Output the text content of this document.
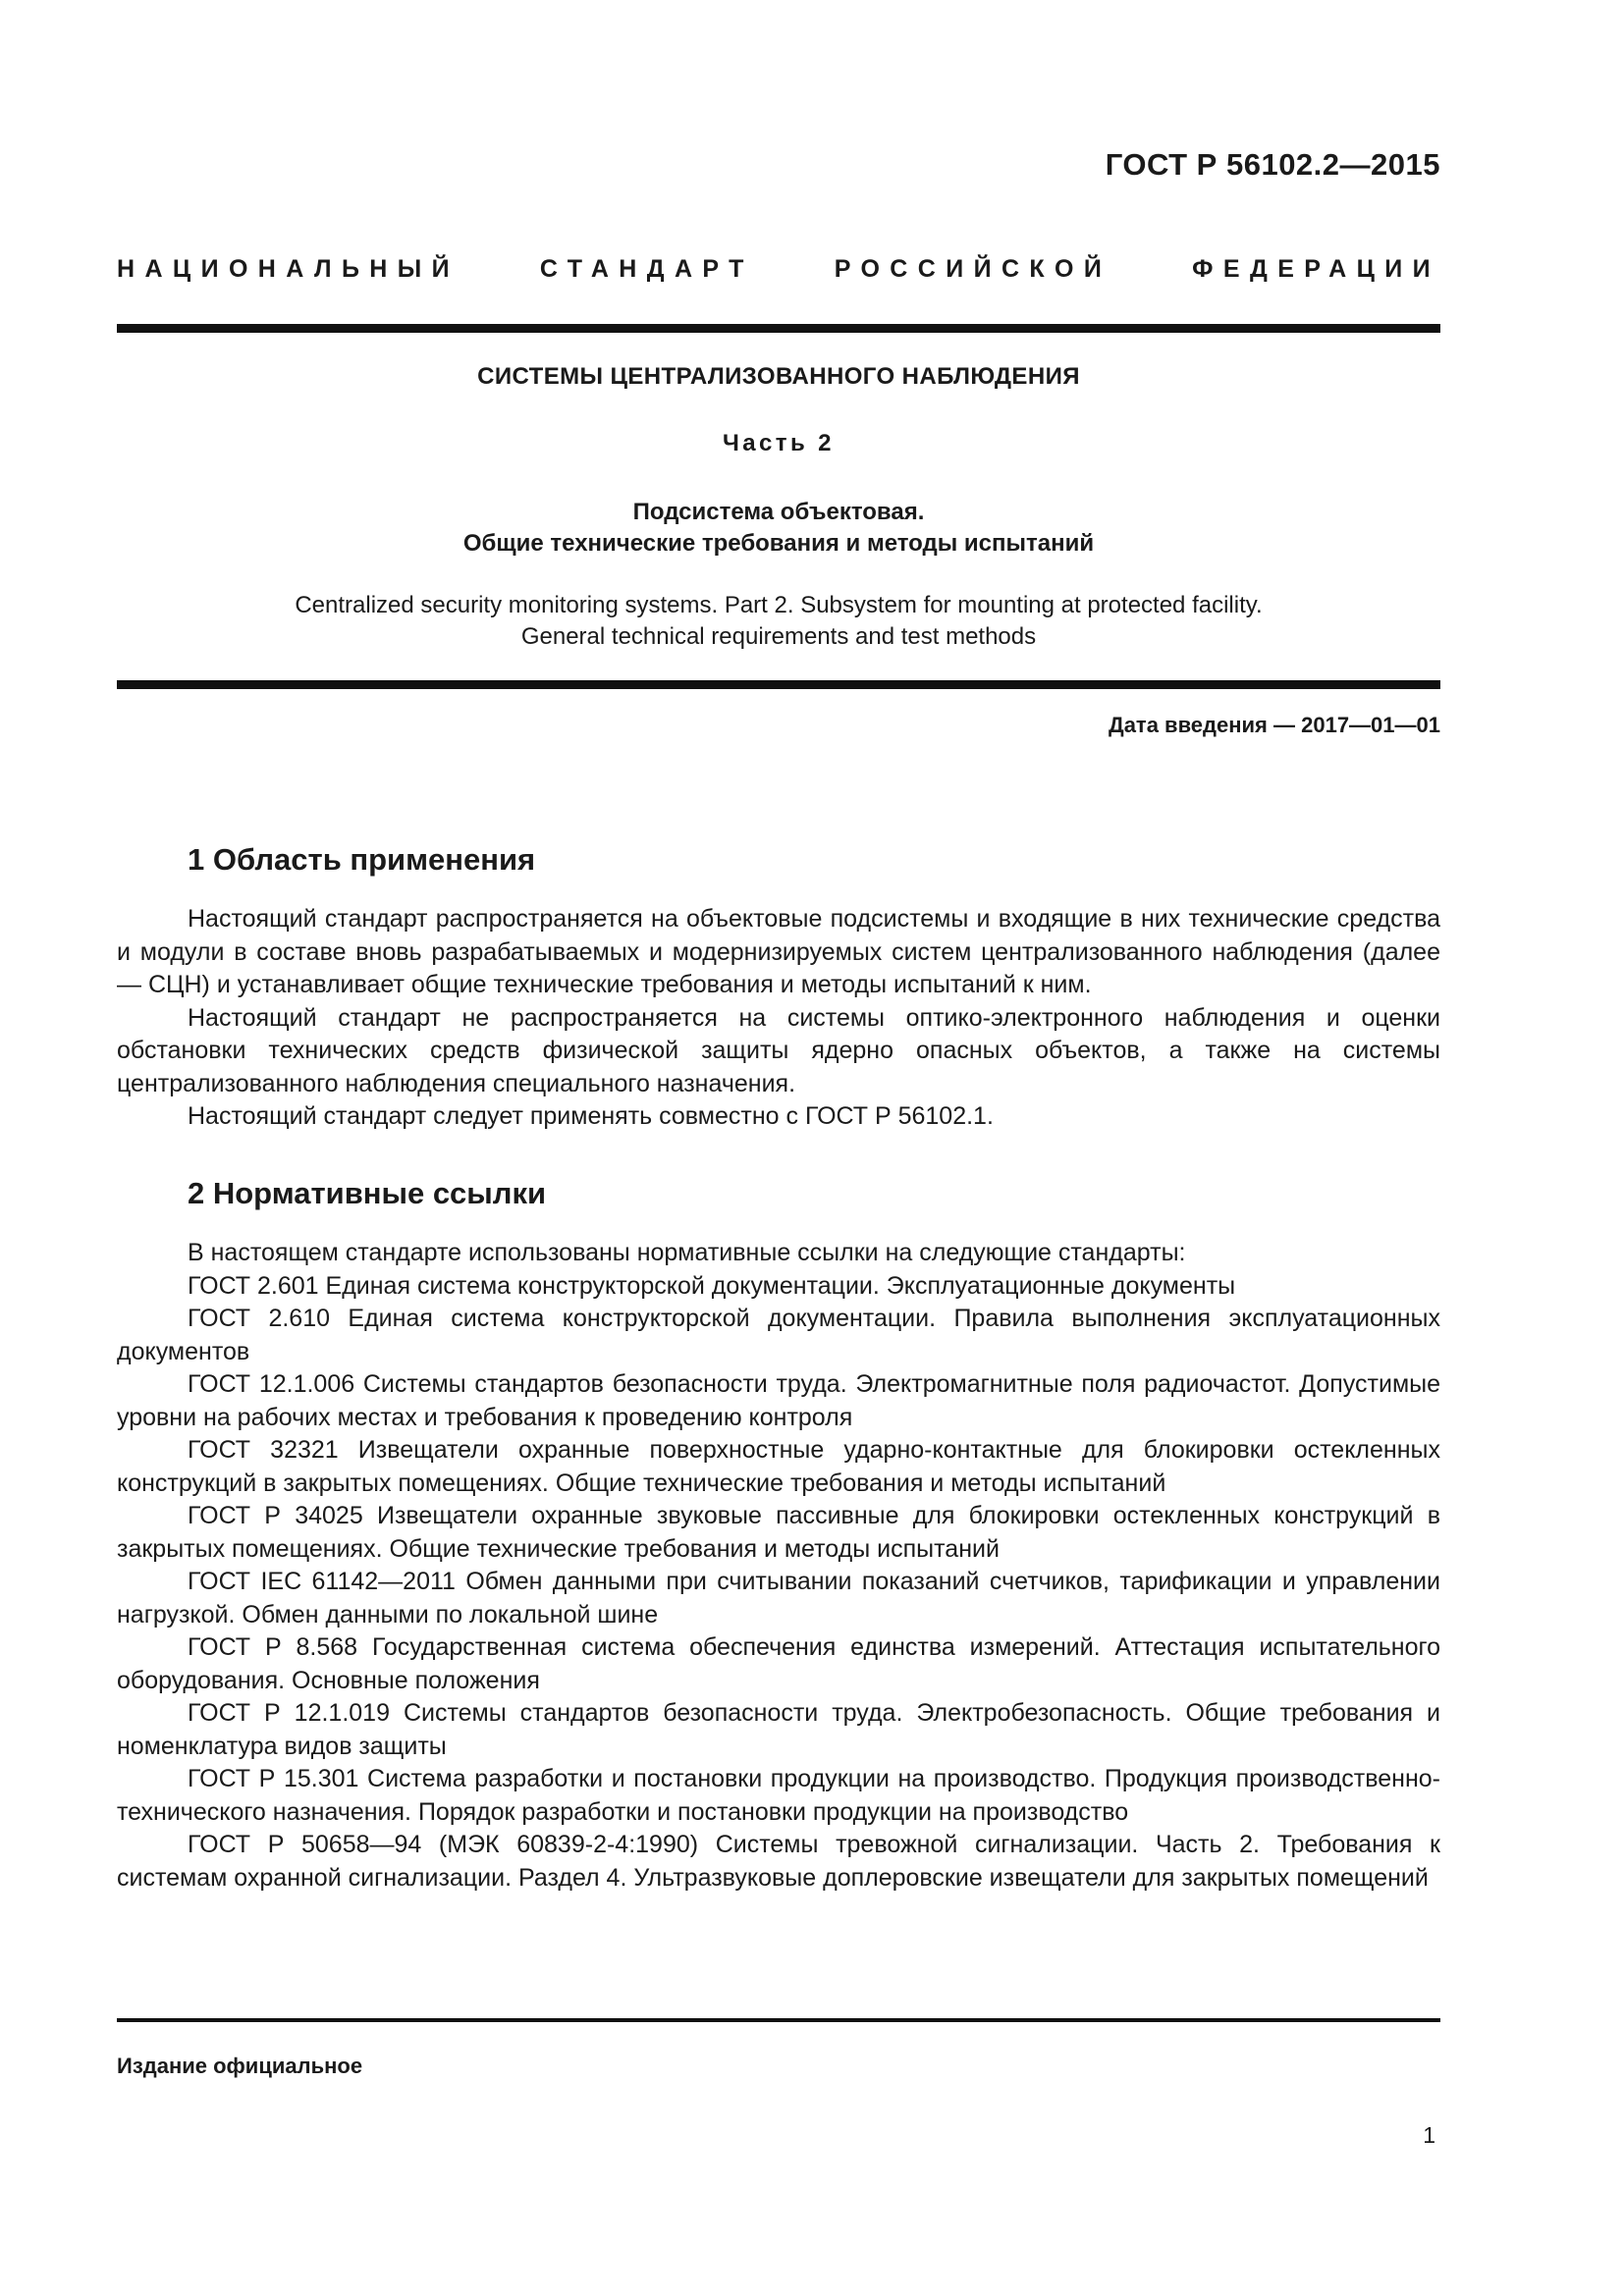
ГОСТ Р 56102.2—2015
НАЦИОНАЛЬНЫЙ СТАНДАРТ РОССИЙСКОЙ ФЕДЕРАЦИИ
СИСТЕМЫ ЦЕНТРАЛИЗОВАННОГО НАБЛЮДЕНИЯ
Часть 2
Подсистема объектовая.
Общие технические требования и методы испытаний
Centralized security monitoring systems. Part 2. Subsystem for mounting at protected facility.
General technical requirements and test methods
Дата введения — 2017—01—01
1 Область применения

Настоящий стандарт распространяется на объектовые подсистемы и входящие в них технические средства и модули в составе вновь разрабатываемых и модернизируемых систем централизованного наблюдения (далее — СЦН) и устанавливает общие технические требования и методы испытаний к ним.

Настоящий стандарт не распространяется на системы оптико-электронного наблюдения и оценки обстановки технических средств физической защиты ядерно опасных объектов, а также на системы централизованного наблюдения специального назначения.

Настоящий стандарт следует применять совместно с ГОСТ Р 56102.1.

2 Нормативные ссылки

В настоящем стандарте использованы нормативные ссылки на следующие стандарты:

ГОСТ 2.601 Единая система конструкторской документации. Эксплуатационные документы

ГОСТ 2.610 Единая система конструкторской документации. Правила выполнения эксплуатационных документов

ГОСТ 12.1.006 Системы стандартов безопасности труда. Электромагнитные поля радиочастот. Допустимые уровни на рабочих местах и требования к проведению контроля

ГОСТ 32321 Извещатели охранные поверхностные ударно-контактные для блокировки остекленных конструкций в закрытых помещениях. Общие технические требования и методы испытаний

ГОСТ Р 34025 Извещатели охранные звуковые пассивные для блокировки остекленных конструкций в закрытых помещениях. Общие технические требования и методы испытаний

ГОСТ IEC 61142—2011 Обмен данными при считывании показаний счетчиков, тарификации и управлении нагрузкой. Обмен данными по локальной шине

ГОСТ Р 8.568 Государственная система обеспечения единства измерений. Аттестация испытательного оборудования. Основные положения

ГОСТ Р 12.1.019 Системы стандартов безопасности труда. Электробезопасность. Общие требования и номенклатура видов защиты

ГОСТ Р 15.301 Система разработки и постановки продукции на производство. Продукция производственно-технического назначения. Порядок разработки и постановки продукции на производство

ГОСТ Р 50658—94 (МЭК 60839-2-4:1990) Системы тревожной сигнализации. Часть 2. Требования к системам охранной сигнализации. Раздел 4. Ультразвуковые доплеровские извещатели для закрытых помещений

Издание официальное
1
